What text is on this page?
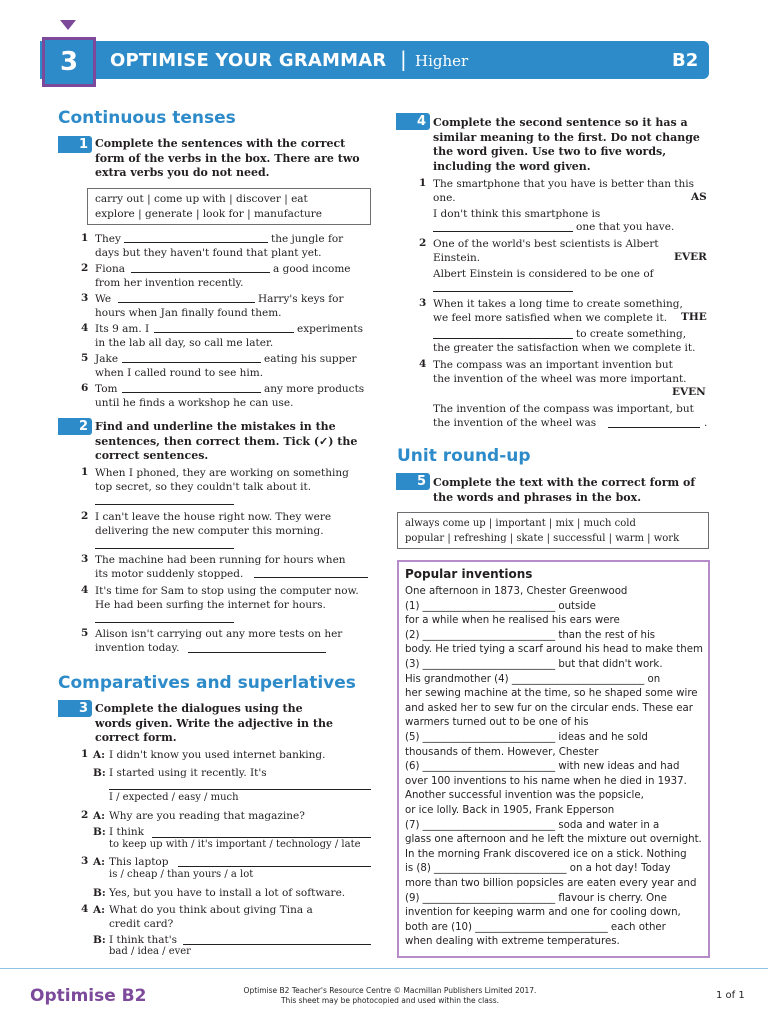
3	OPTIMISE YOUR GRAMMAR | Higher	B2
Continuous tenses
1 Complete the sentences with the correct
form of the verbs in the box. There are two
extra verbs you do not need.
carry out | come up with | discover | eat
explore | generate | look for | manufacture
1 They	the jungle for
days but they haven't found that plant yet.
2 Fiona	a good income
from her invention recently.
3 We	Harry's keys for
hours when Jan finally found them.
4 Its 9 am. I	experiments
in the lab all day, so call me later.
5 Jake	eating his supper
when I called round to see him.
6 Tom	any more products
until he finds a workshop he can use.
2 Find and underline the mistakes in the
sentences, then correct them. Tick (✓) the
correct sentences.
1 When I phoned, they are working on something
top secret, so they couldn't talk about it.
2 I can't leave the house right now. They were
delivering the new computer this morning.
3 The machine had been running for hours when
its motor suddenly stopped.
4 It's time for Sam to stop using the computer now.
He had been surfing the internet for hours.
5 Alison isn't carrying out any more tests on her
invention today.
Comparatives and superlatives
3 Complete the dialogues using the
words given. Write the adjective in the
correct form.
1 A: I didn't know you used internet banking.
B: I started using it recently. It's
I / expected / easy / much
2 A: Why are you reading that magazine?
B: I think
to keep up with / it's important / technology / late
3 A: This laptop
is / cheap / than yours / a lot
B: Yes, but you have to install a lot of software.
4 A: What do you think about giving Tina a
credit card?
B: I think that's
bad / idea / ever
4 Complete the second sentence so it has a
similar meaning to the first. Do not change
the word given. Use two to five words,
including the word given.
1 The smartphone that you have is better than this
one.	AS
I don't think this smartphone is
one that you have.
2 One of the world's best scientists is Albert
Einstein.	EVER
Albert Einstein is considered to be one of
3 When it takes a long time to create something,
we feel more satisfied when we complete it. THE
to create something,
the greater the satisfaction when we complete it.
4 The compass was an important invention but
the invention of the wheel was more important.
EVEN
The invention of the compass was important, but
the invention of the wheel was	.
Unit round-up
5 Complete the text with the correct form of
the words and phrases in the box.
always come up | important | mix | much cold
popular | refreshing | skate | successful | warm | work
Popular inventions
One afternoon in 1873, Chester Greenwood
(1) __________________________ outside
for a while when he realised his ears were
(2) __________________________ than the rest of his
body. He tried tying a scarf around his head to make them
(3) __________________________ but that didn't work.
His grandmother (4) __________________________ on
her sewing machine at the time, so he shaped some wire
and asked her to sew fur on the circular ends. These ear
warmers turned out to be one of his
(5) __________________________ ideas and he sold
thousands of them. However, Chester
(6) __________________________ with new ideas and had
over 100 inventions to his name when he died in 1937.
Another successful invention was the popsicle,
or ice lolly. Back in 1905, Frank Epperson
(7) __________________________ soda and water in a
glass one afternoon and he left the mixture out overnight.
In the morning Frank discovered ice on a stick. Nothing
is (8) __________________________ on a hot day! Today
more than two billion popsicles are eaten every year and
(9) __________________________ flavour is cherry. One
invention for keeping warm and one for cooling down,
both are (10) __________________________ each other
when dealing with extreme temperatures.
Optimise B2	Optimise B2 Teacher's Resource Centre © Macmillan Publishers Limited 2017.
This sheet may be photocopied and used within the class.	1 of 1
